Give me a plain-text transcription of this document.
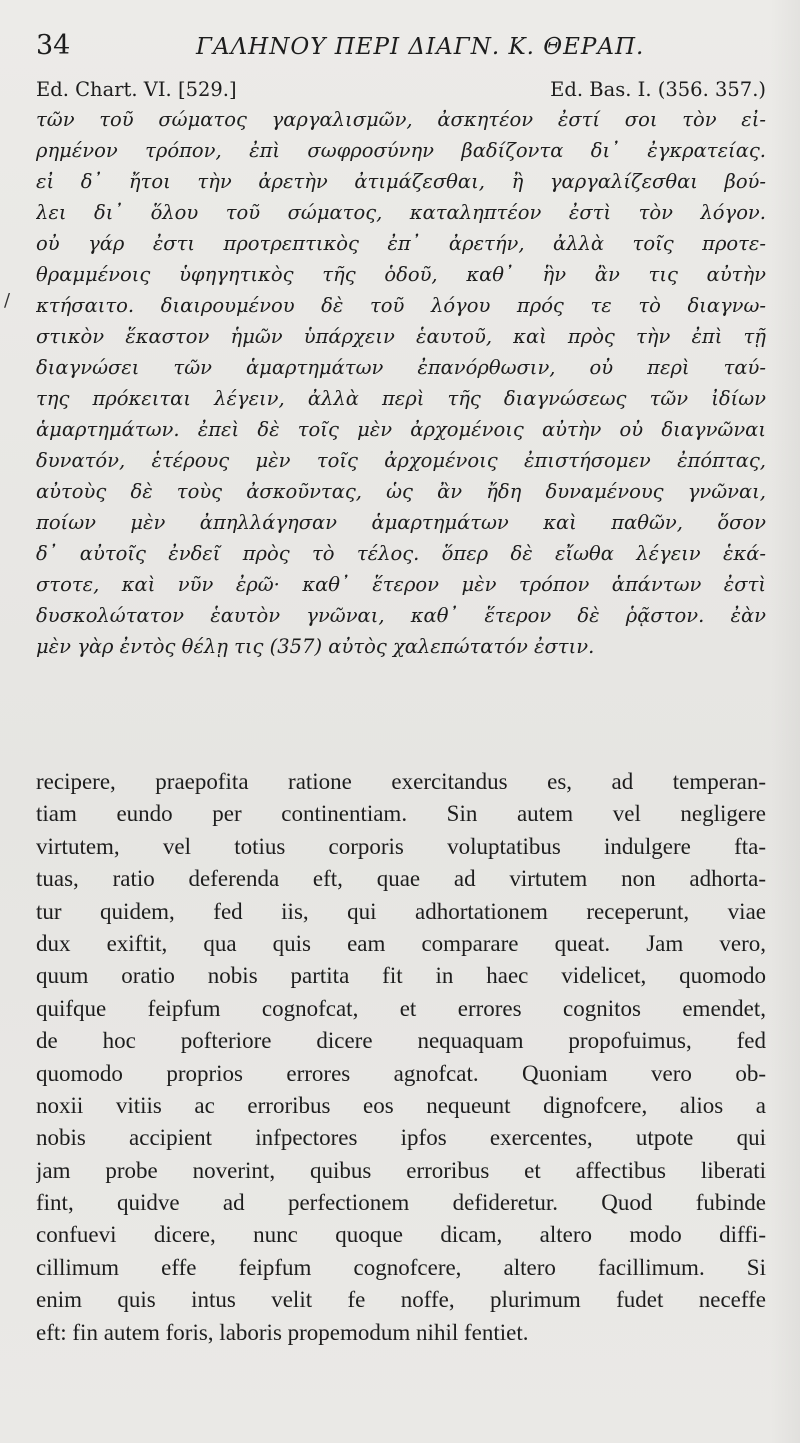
34	ΓΑΛΗΝΟΥ ΠΕΡΙ ΔΙΑΓΝ. Κ. ΘΕΡΑΠ.
Ed. Chart. VI. [529.]	Ed. Bas. I. (356. 357.)
/
τῶν τοῦ σώματος γαργαλισμῶν, ἀσκητέον ἐστί σοι τὸν εἰ-
ρημένον τρόπον, ἐπὶ σωφροσύνην βαδίζοντα δι᾽ ἐγκρατείας.
εἰ δ᾽ ἤτοι τὴν ἀρετὴν ἀτιμάζεσθαι, ἢ γαργαλίζεσθαι βού-
λει δι᾽ ὅλου τοῦ σώματος, καταληπτέον ἐστὶ τὸν λόγον.
οὐ γάρ ἐστι προτρεπτικὸς ἐπ᾽ ἀρετήν, ἀλλὰ τοῖς προτε-
θραμμένοις ὑφηγητικὸς τῆς ὁδοῦ, καθ᾽ ἣν ἂν τις αὐτὴν
κτήσαιτο. διαιρουμένου δὲ τοῦ λόγου πρός τε τὸ διαγνω-
στικὸν ἕκαστον ἡμῶν ὑπάρχειν ἑαυτοῦ, καὶ πρὸς τὴν ἐπὶ τῇ
διαγνώσει τῶν ἁμαρτημάτων ἐπανόρθωσιν, οὐ περὶ ταύ-
της πρόκειται λέγειν, ἀλλὰ περὶ τῆς διαγνώσεως τῶν ἰδίων
ἁμαρτημάτων. ἐπεὶ δὲ τοῖς μὲν ἀρχομένοις αὐτὴν οὐ διαγνῶναι
δυνατόν, ἑτέρους μὲν τοῖς ἀρχομένοις ἐπιστήσομεν ἐπόπτας,
αὐτοὺς δὲ τοὺς ἀσκοῦντας, ὡς ἂν ἤδη δυναμένους γνῶναι,
ποίων μὲν ἀπηλλάγησαν ἁμαρτημάτων καὶ παθῶν, ὅσον
δ᾽ αὐτοῖς ἐνδεῖ πρὸς τὸ τέλος. ὅπερ δὲ εἴωθα λέγειν ἑκά-
στοτε, καὶ νῦν ἐρῶ· καθ᾽ ἕτερον μὲν τρόπον ἁπάντων ἐστὶ
δυσκολώτατον ἑαυτὸν γνῶναι, καθ᾽ ἕτερον δὲ ῥᾷστον. ἐὰν
μὲν γὰρ ἐντὸς θέλῃ τις (357) αὐτὸς χαλεπώτατόν ἐστιν.
recipere, praepofita ratione exercitandus es, ad temperan-
tiam eundo per continentiam. Sin autem vel negligere
virtutem, vel totius corporis voluptatibus indulgere fta-
tuas, ratio deferenda eft, quae ad virtutem non adhorta-
tur quidem, fed iis, qui adhortationem receperunt, viae
dux exiftit, qua quis eam comparare queat. Jam vero,
quum oratio nobis partita fit in haec videlicet, quomodo
quifque feipfum cognofcat, et errores cognitos emendet,
de hoc pofteriore dicere nequaquam propofuimus, fed
quomodo proprios errores agnofcat. Quoniam vero ob-
noxii vitiis ac erroribus eos nequeunt dignofcere, alios a
nobis accipient infpectores ipfos exercentes, utpote qui
jam probe noverint, quibus erroribus et affectibus liberati
fint, quidve ad perfectionem defideretur. Quod fubinde
confuevi dicere, nunc quoque dicam, altero modo diffi-
cillimum effe feipfum cognofcere, altero facillimum. Si
enim quis intus velit fe noffe, plurimum fudet neceffe
eft: fin autem foris, laboris propemodum nihil fentiet.
